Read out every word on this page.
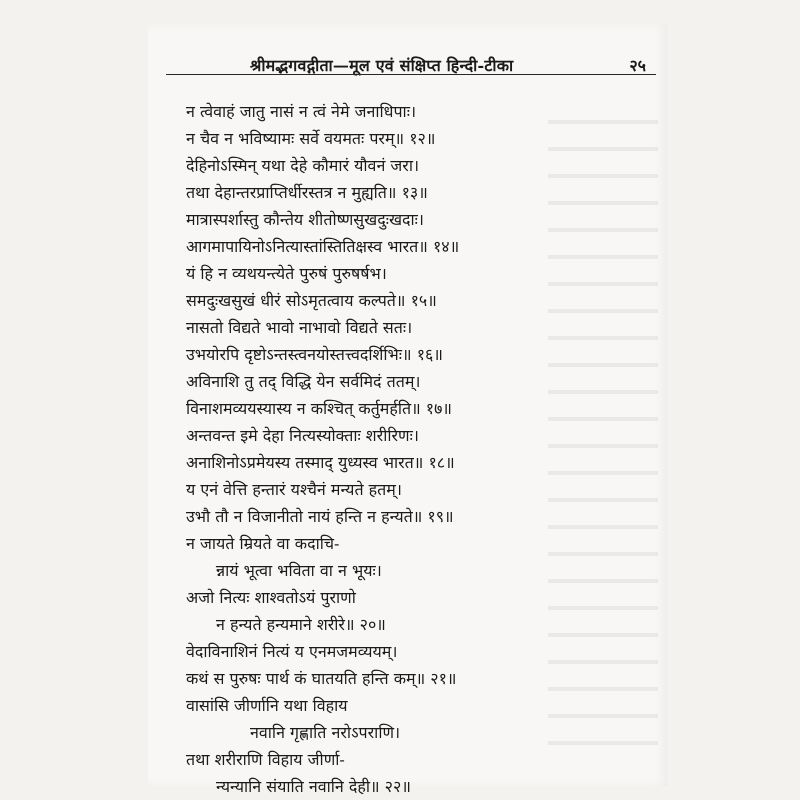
श्रीमद्भगवद्गीता—मूल एवं संक्षिप्त हिन्दी-टीका	२५
न त्वेवाहं जातु नासं न त्वं नेमे जनाधिपाः।
न चैव न भविष्यामः सर्वे वयमतः परम्॥ १२॥
देहिनोऽस्मिन् यथा देहे कौमारं यौवनं जरा।
तथा देहान्तरप्राप्तिर्धीरस्तत्र न मुह्यति॥ १३॥
मात्रास्पर्शास्तु कौन्तेय शीतोष्णसुखदुःखदाः।
आगमापायिनोऽनित्यास्तांस्तितिक्षस्व भारत॥ १४॥
यं हि न व्यथयन्त्येते पुरुषं पुरुषर्षभ।
समदुःखसुखं धीरं सोऽमृतत्वाय कल्पते॥ १५॥
नासतो विद्यते भावो नाभावो विद्यते सतः।
उभयोरपि दृष्टोऽन्तस्त्वनयोस्तत्त्वदर्शिभिः॥ १६॥
अविनाशि तु तद् विद्धि येन सर्वमिदं ततम्।
विनाशमव्ययस्यास्य न कश्चित् कर्तुमर्हति॥ १७॥
अन्तवन्त इमे देहा नित्यस्योक्ताः शरीरिणः।
अनाशिनोऽप्रमेयस्य तस्माद् युध्यस्व भारत॥ १८॥
य एनं वेत्ति हन्तारं यश्चैनं मन्यते हतम्।
उभौ तौ न विजानीतो नायं हन्ति न हन्यते॥ १९॥
न जायते म्रियते वा कदाचि-
न्नायं भूत्वा भविता वा न भूयः।
अजो नित्यः शाश्वतोऽयं पुराणो
न हन्यते हन्यमाने शरीरे॥ २०॥
वेदाविनाशिनं नित्यं य एनमजमव्ययम्।
कथं स पुरुषः पार्थ कं घातयति हन्ति कम्॥ २१॥
वासांसि जीर्णानि यथा विहाय
नवानि गृह्णाति नरोऽपराणि।
तथा शरीराणि विहाय जीर्णा-
न्यन्यानि संयाति नवानि देही॥ २२॥
